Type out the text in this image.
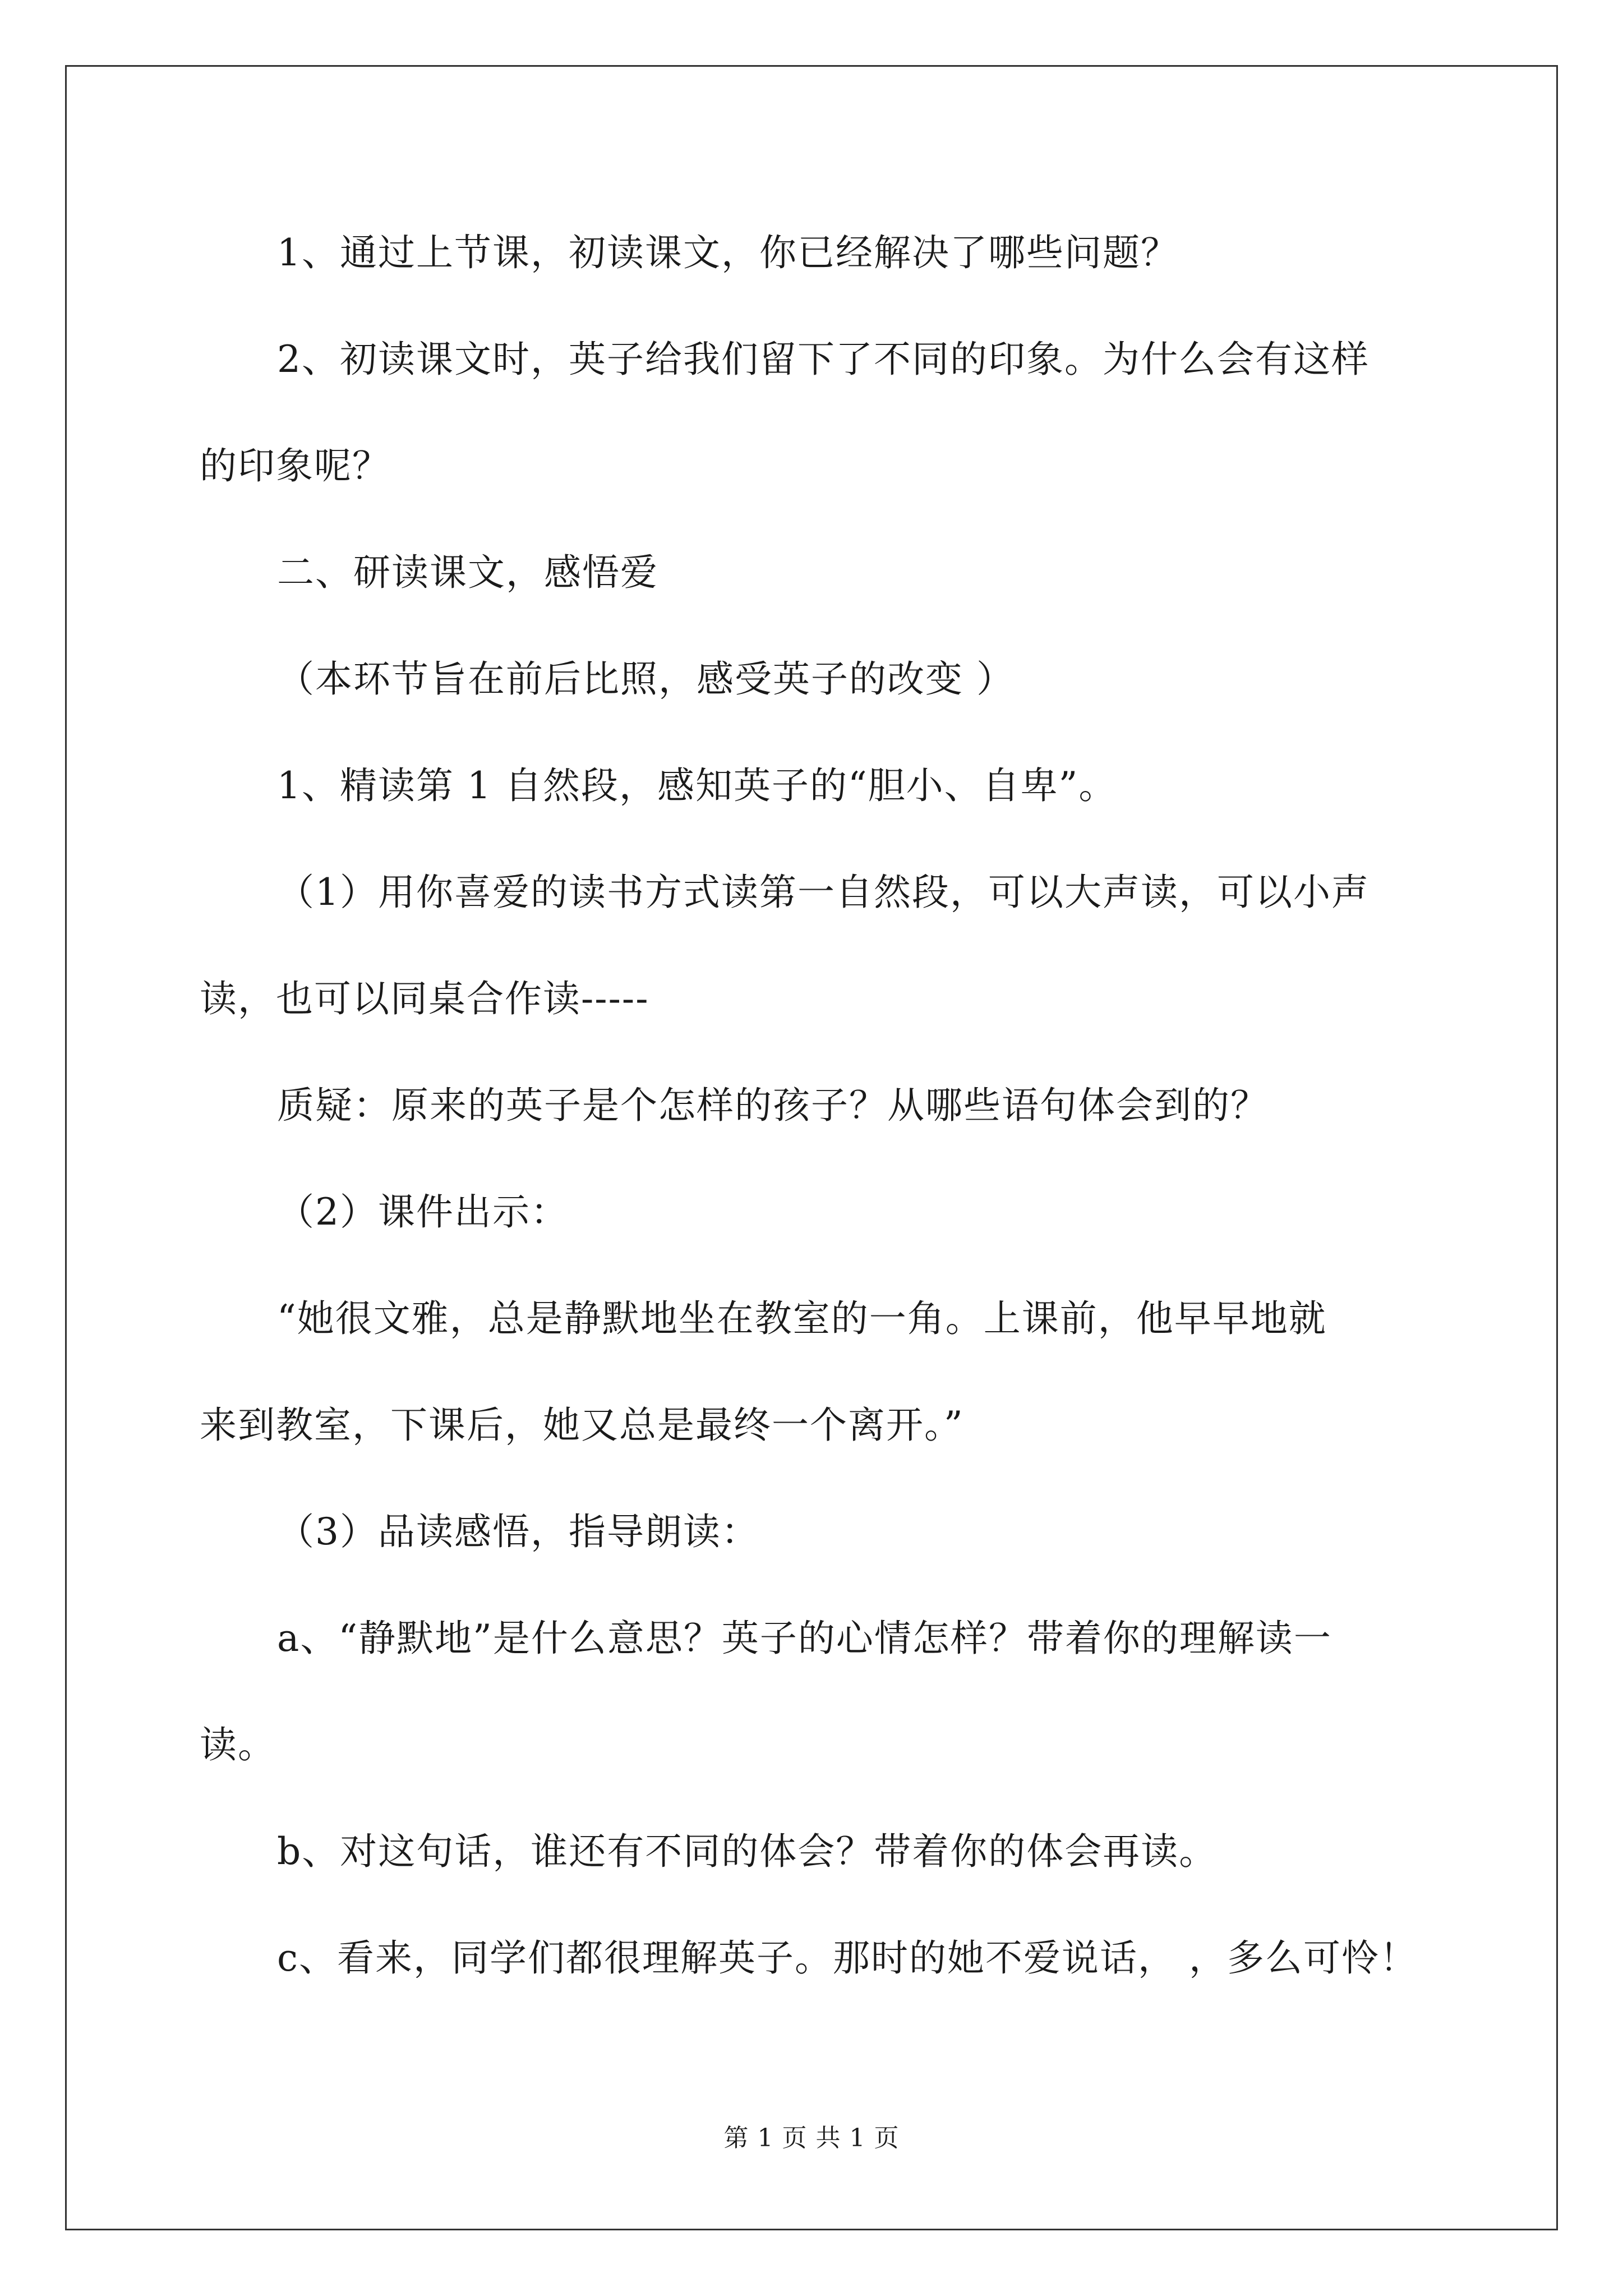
1、通过上节课，初读课文，你已经解决了哪些问题？

2、初读课文时，英子给我们留下了不同的印象。为什么会有这样

的印象呢？

二、研读课文，感悟爱

（本环节旨在前后比照，感受英子的改变 ）

1、精读第 1 自然段，感知英子的“胆小、自卑”。

（1）用你喜爱的读书方式读第一自然段，可以大声读，可以小声

读，也可以同桌合作读-----

质疑：原来的英子是个怎样的孩子？从哪些语句体会到的？

（2）课件出示：

“她很文雅，总是静默地坐在教室的一角。上课前，他早早地就

来到教室，下课后，她又总是最终一个离开。”

（3）品读感悟，指导朗读：

a、“静默地”是什么意思？英子的心情怎样？带着你的理解读一

读。

b、对这句话，谁还有不同的体会？带着你的体会再读。

c、看来，同学们都很理解英子。那时的她不爱说话， ，多么可怜！

第 1 页 共 1 页
